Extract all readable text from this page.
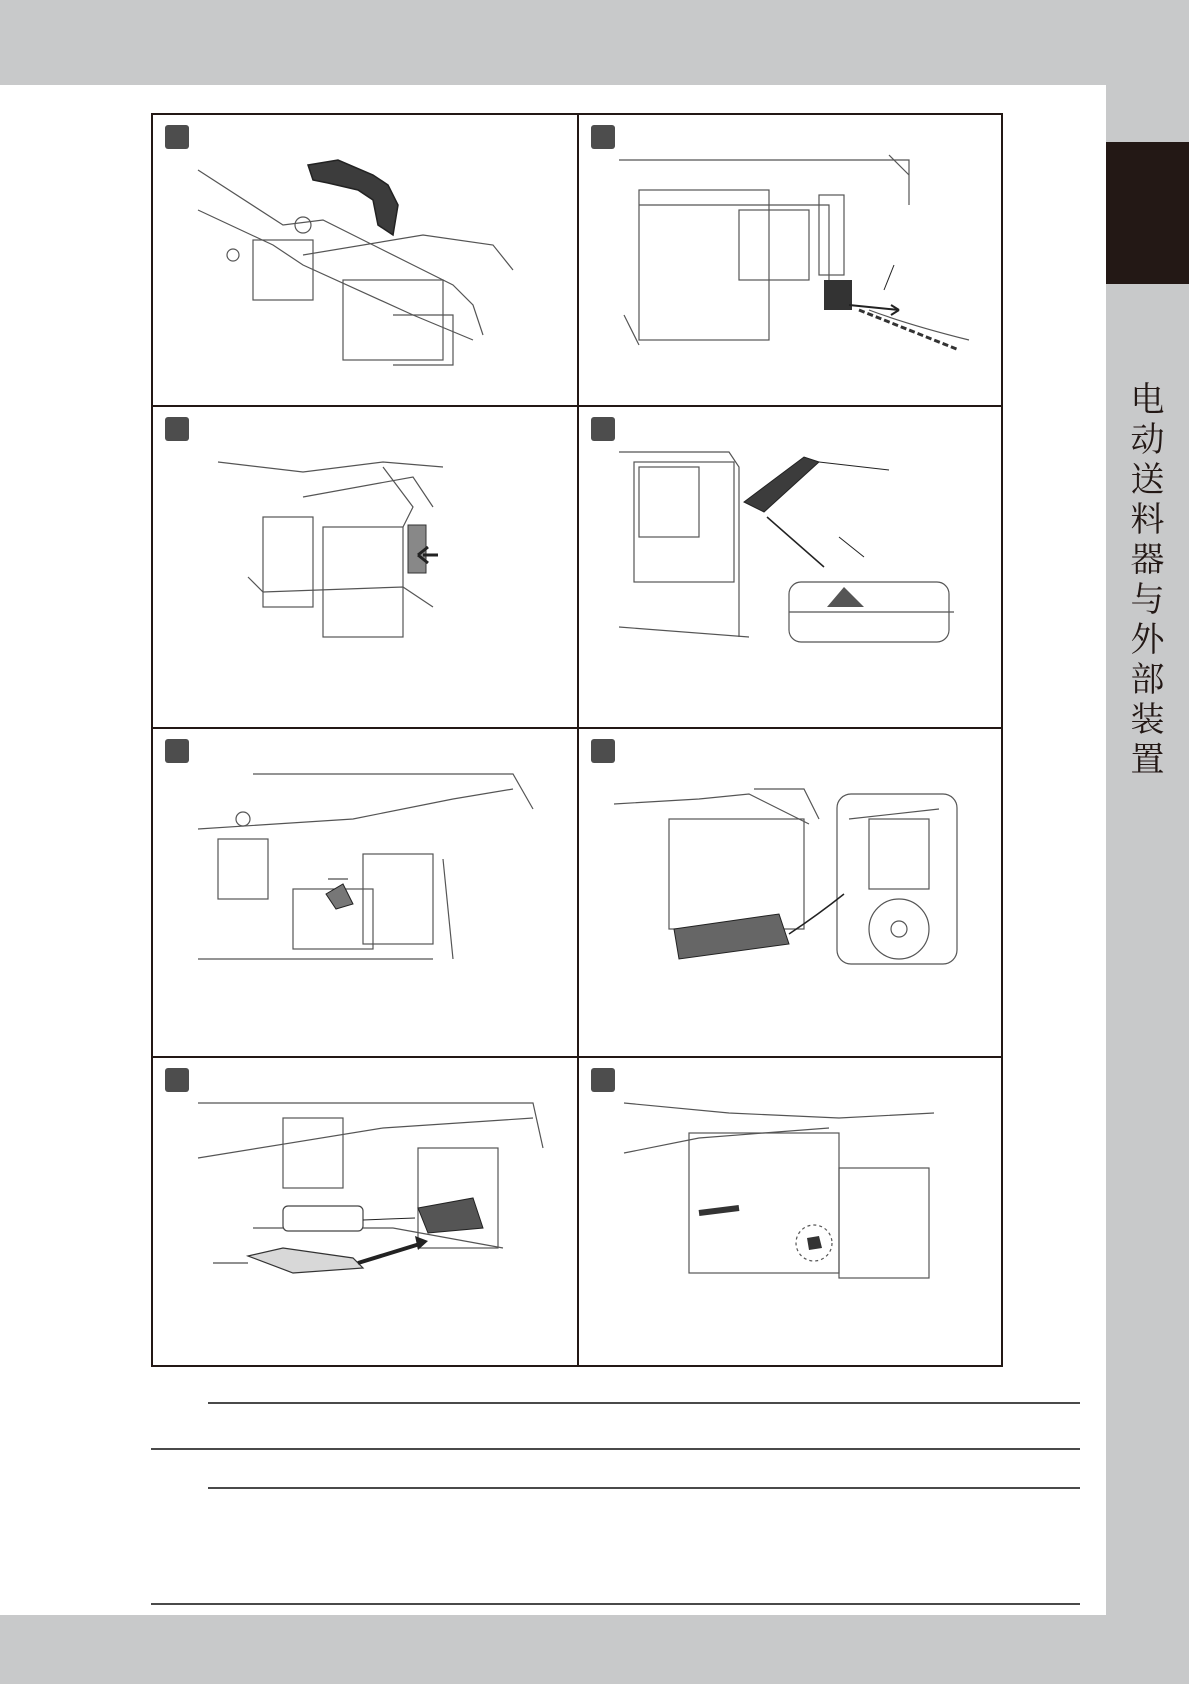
电
动
送
料
器
与
外
部
装
置
